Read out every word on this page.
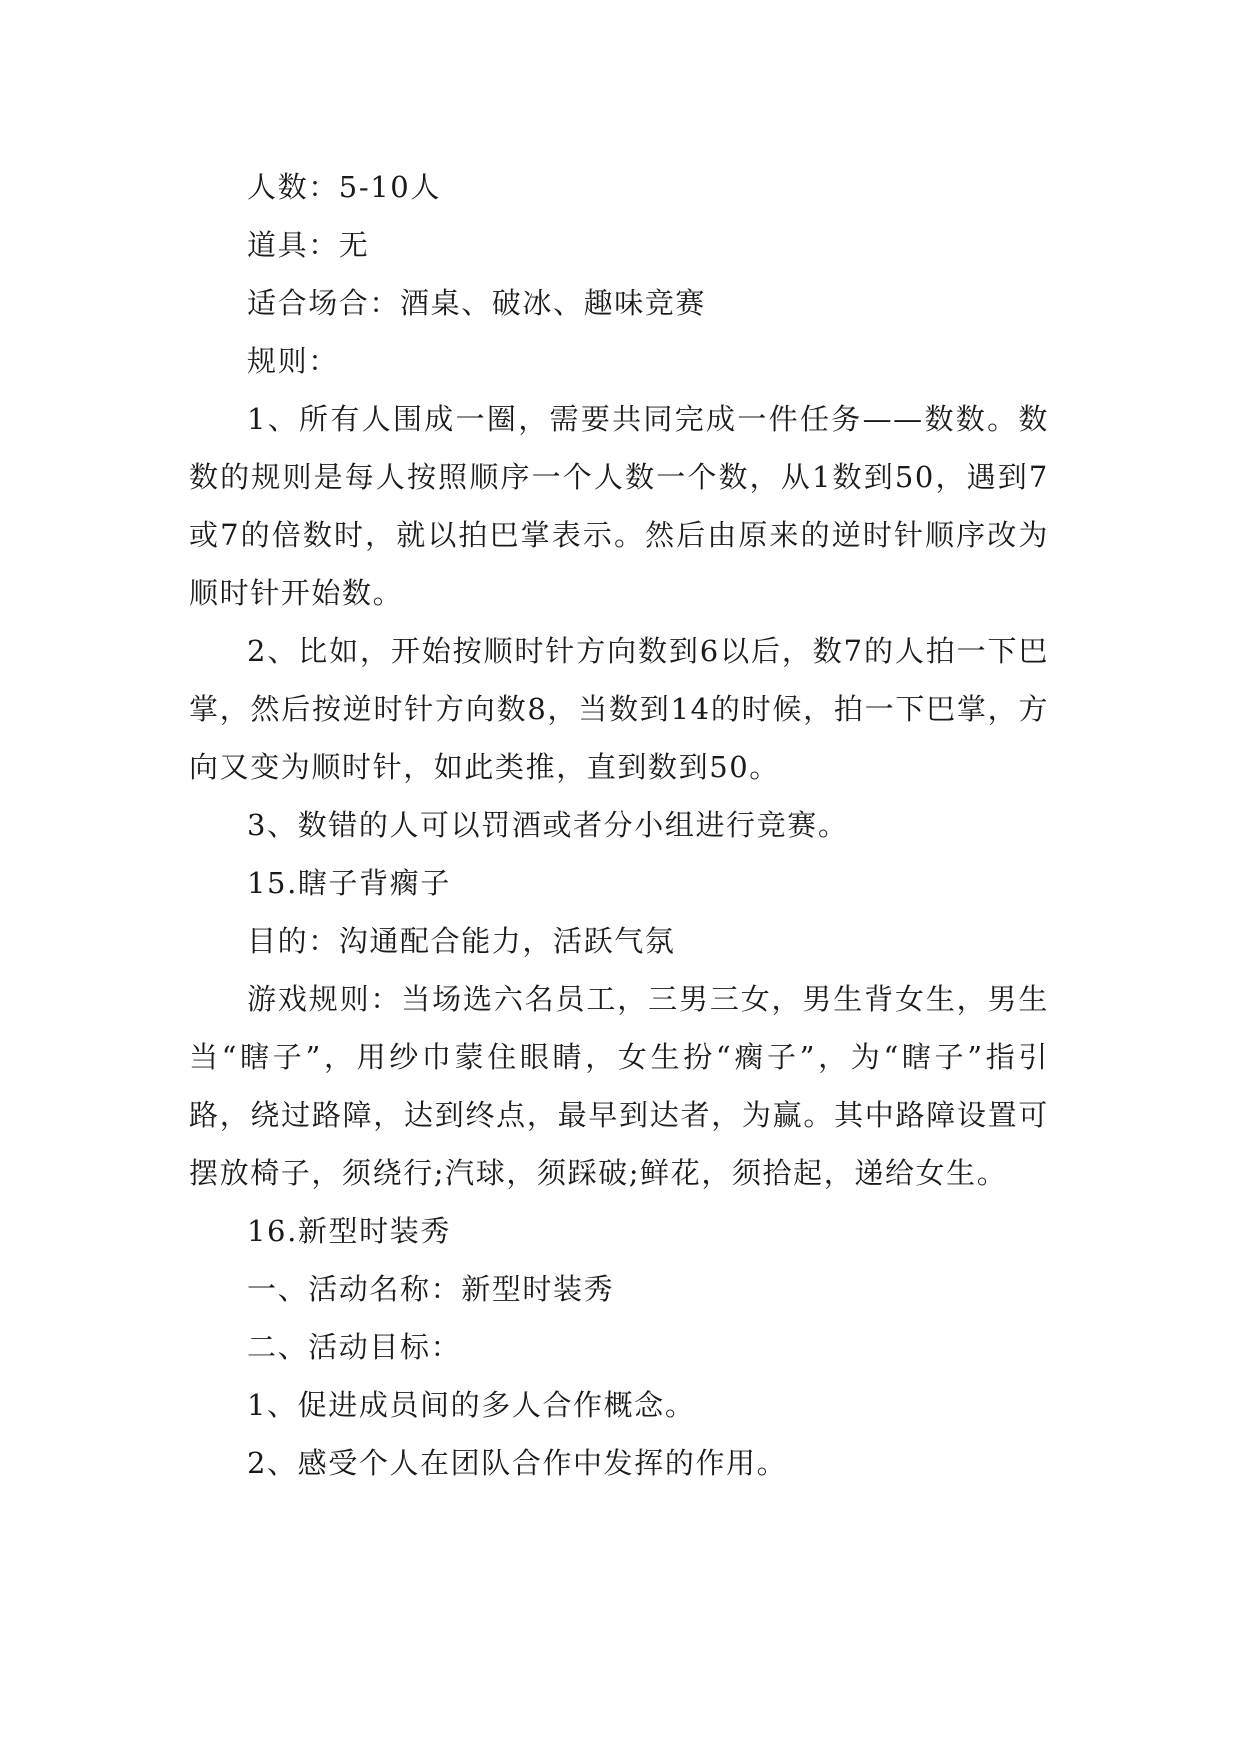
人数：5-10人

道具：无

适合场合：酒桌、破冰、趣味竞赛

规则：

1、所有人围成一圈，需要共同完成一件任务——数数。数数的规则是每人按照顺序一个人数一个数，从1数到50，遇到7或7的倍数时，就以拍巴掌表示。然后由原来的逆时针顺序改为顺时针开始数。

2、比如，开始按顺时针方向数到6以后，数7的人拍一下巴掌，然后按逆时针方向数8，当数到14的时候，拍一下巴掌，方向又变为顺时针，如此类推，直到数到50。

3、数错的人可以罚酒或者分小组进行竞赛。

15.瞎子背瘸子

目的：沟通配合能力，活跃气氛

游戏规则：当场选六名员工，三男三女，男生背女生，男生当“瞎子”，用纱巾蒙住眼睛，女生扮“瘸子”，为“瞎子”指引路，绕过路障，达到终点，最早到达者，为赢。其中路障设置可摆放椅子，须绕行;汽球，须踩破;鲜花，须拾起，递给女生。

16.新型时装秀

一、活动名称：新型时装秀

二、活动目标：

1、促进成员间的多人合作概念。

2、感受个人在团队合作中发挥的作用。
